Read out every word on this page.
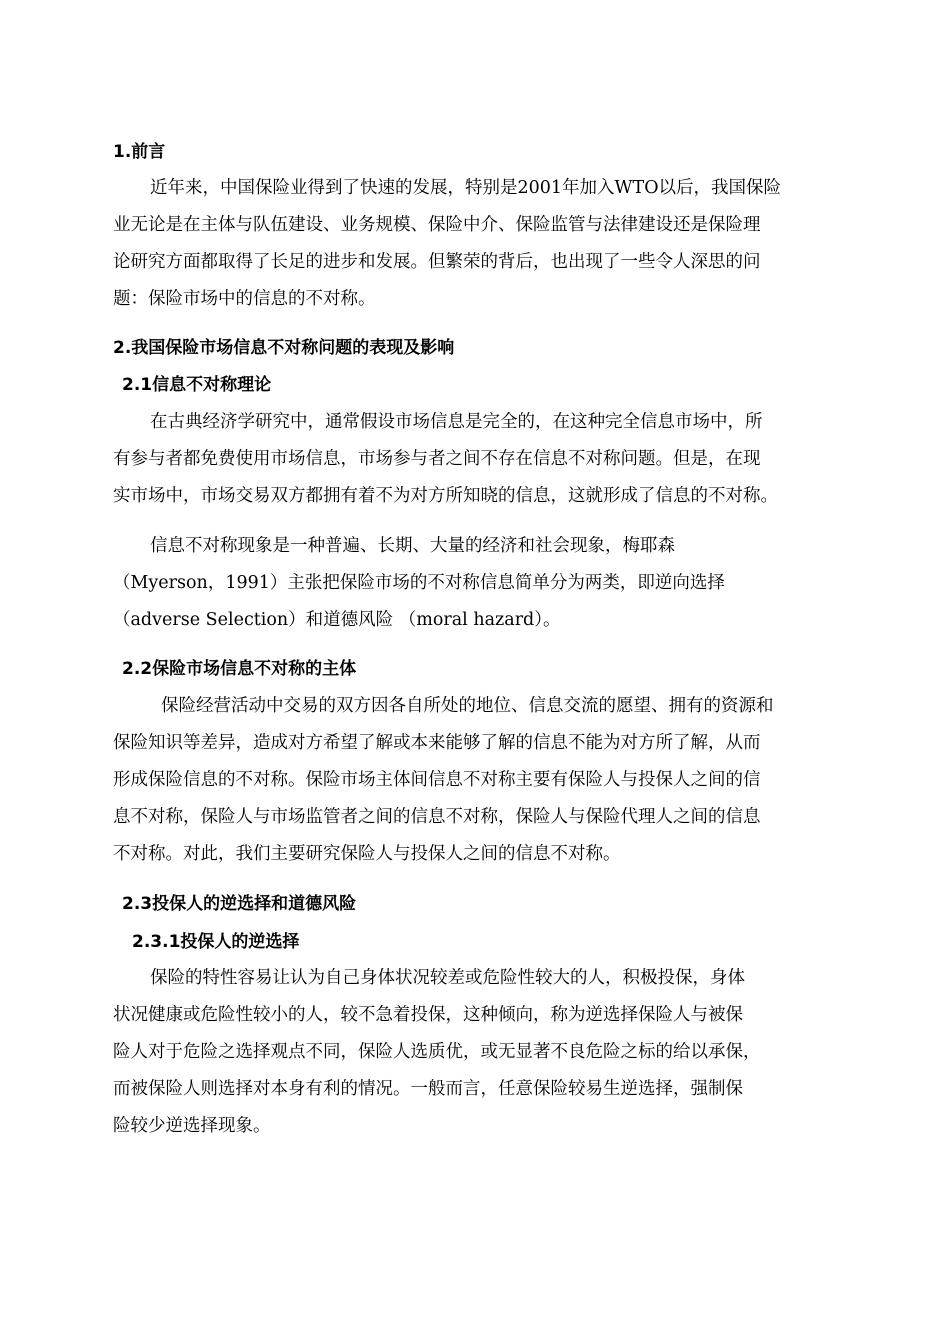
1.前言
近年来，中国保险业得到了快速的发展，特别是2001年加入WTO以后，我国保险
业无论是在主体与队伍建设、业务规模、保险中介、保险监管与法律建设还是保险理
论研究方面都取得了长足的进步和发展。但繁荣的背后，也出现了一些令人深思的问
题：保险市场中的信息的不对称。
2.我国保险市场信息不对称问题的表现及影响
2.1信息不对称理论
在古典经济学研究中，通常假设市场信息是完全的，在这种完全信息市场中，所
有参与者都免费使用市场信息，市场参与者之间不存在信息不对称问题。但是，在现
实市场中，市场交易双方都拥有着不为对方所知晓的信息，这就形成了信息的不对称。
信息不对称现象是一种普遍、长期、大量的经济和社会现象，梅耶森
（Myerson，1991）主张把保险市场的不对称信息简单分为两类，即逆向选择
（adverse Selection）和道德风险 （moral hazard）。
2.2保险市场信息不对称的主体
保险经营活动中交易的双方因各自所处的地位、信息交流的愿望、拥有的资源和
保险知识等差异，造成对方希望了解或本来能够了解的信息不能为对方所了解，从而
形成保险信息的不对称。保险市场主体间信息不对称主要有保险人与投保人之间的信
息不对称，保险人与市场监管者之间的信息不对称，保险人与保险代理人之间的信息
不对称。对此，我们主要研究保险人与投保人之间的信息不对称。
2.3投保人的逆选择和道德风险
2.3.1投保人的逆选择
保险的特性容易让认为自己身体状况较差或危险性较大的人，积极投保，身体
状况健康或危险性较小的人，较不急着投保，这种倾向，称为逆选择保险人与被保
险人对于危险之选择观点不同，保险人选质优，或无显著不良危险之标的给以承保，
而被保险人则选择对本身有利的情况。一般而言，任意保险较易生逆选择，强制保
险较少逆选择现象。
